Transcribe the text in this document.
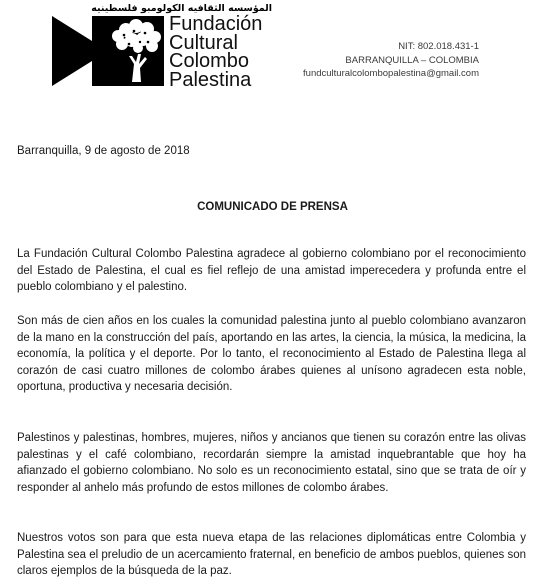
المؤسسه الثقافيه الكولومبو فلسطينيه
Fundación
Cultural
Colombo
Palestina
NIT: 802.018.431-1
BARRANQUILLA – COLOMBIA
fundculturalcolombopalestina@gmail.com
Barranquilla, 9 de agosto de 2018
COMUNICADO DE PRENSA

La Fundación Cultural Colombo Palestina agradece al gobierno colombiano por el reconocimiento del Estado de Palestina, el cual es fiel reflejo de una amistad imperecedera y profunda entre el pueblo colombiano y el palestino.

Son más de cien años en los cuales la comunidad palestina junto al pueblo colombiano avanzaron de la mano en la construcción del país, aportando en las artes, la ciencia, la música, la medicina, la economía, la política y el deporte. Por lo tanto, el reconocimiento al Estado de Palestina llega al corazón de casi cuatro millones de colombo árabes quienes al unísono agradecen esta noble, oportuna, productiva y necesaria decisión.

Palestinos y palestinas, hombres, mujeres, niños y ancianos que tienen su corazón entre las olivas palestinas y el café colombiano, recordarán siempre la amistad inquebrantable que hoy ha afianzado el gobierno colombiano. No solo es un reconocimiento estatal, sino que se trata de oír y responder al anhelo más profundo de estos millones de colombo árabes.

Nuestros votos son para que esta nueva etapa de las relaciones diplomáticas entre Colombia y Palestina sea el preludio de un acercamiento fraternal, en beneficio de ambos pueblos, quienes son claros ejemplos de la búsqueda de la paz.
